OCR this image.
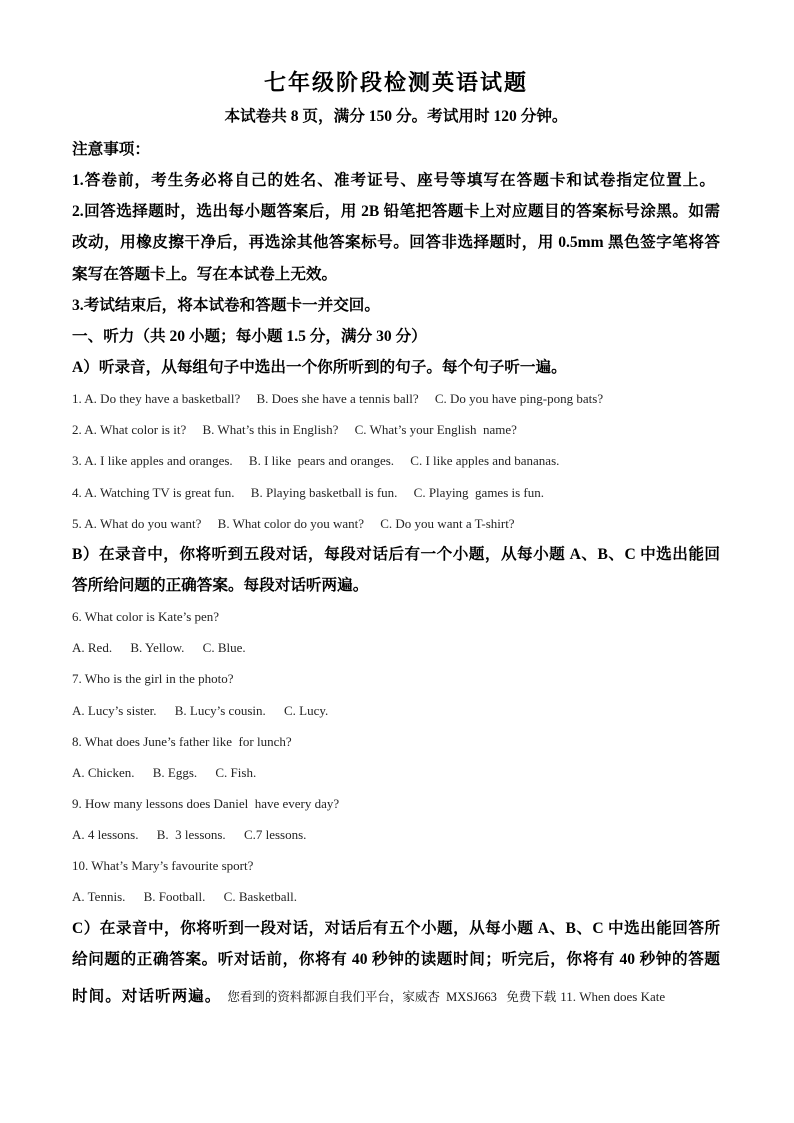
七年级阶段检测英语试题
本试卷共 8 页，满分 150 分。考试用时 120 分钟。
注意事项：
1.答卷前，考生务必将自己的姓名、准考证号、座号等填写在答题卡和试卷指定位置上。
2.回答选择题时，选出每小题答案后，用 2B 铅笔把答题卡上对应题目的答案标号涂黑。如需
改动，用橡皮擦干净后，再选涂其他答案标号。回答非选择题时，用 0.5mm 黑色签字笔将答
案写在答题卡上。写在本试卷上无效。
3.考试结束后，将本试卷和答题卡一并交回。
一、听力（共 20 小题；每小题 1.5 分，满分 30 分）
A）听录音，从每组句子中选出一个你所听到的句子。每个句子听一遍。
1. A. Do they have a basketball? B. Does she have a tennis ball? C. Do you have ping-pong bats?
2. A. What color is it? B. What’s this in English? C. What’s your English  name?
3. A. I like apples and oranges. B. I like  pears and oranges. C. I like apples and bananas.
4. A. Watching TV is great fun. B. Playing basketball is fun. C. Playing  games is fun.
5. A. What do you want? B. What color do you want? C. Do you want a T-shirt?
B）在录音中，你将听到五段对话，每段对话后有一个小题，从每小题 A、B、C 中选出能回
答所给问题的正确答案。每段对话听两遍。
6. What color is Kate’s pen?
A. Red. B. Yellow. C. Blue.
7. Who is the girl in the photo?
A. Lucy’s sister. B. Lucy’s cousin. C. Lucy.
8. What does June’s father like  for lunch?
A. Chicken. B. Eggs. C. Fish.
9. How many lessons does Daniel  have every day?
A. 4 lessons. B.  3 lessons. C.7 lessons.
10. What’s Mary’s favourite sport?
A. Tennis. B. Football. C. Basketball.
C）在录音中，你将听到一段对话，对话后有五个小题，从每小题 A、B、C 中选出能回答所
给问题的正确答案。听对话前，你将有 40 秒钟的读题时间；听完后，你将有 40 秒钟的答题
时间。对话听两遍。 您看到的资料都源自我们平台，家威杏  MXSJ663   免费下载 11. When does Kate
